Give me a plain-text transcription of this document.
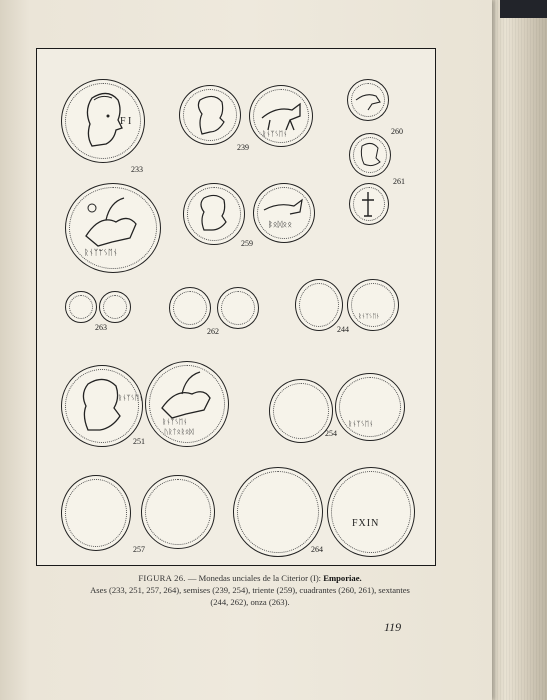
F I
ᚱᚾᛉᛘᛊᛖᚾ
233
ᚱᚾᛉᛊᛖᚾ
239
260
261
ᛔᛟᛞᛟᛟ
259
263	262
ᚱᚾᛉᛊᛖᚾ
244
ᚱᚾᛉᛊᛖᚾ
ᚱᚾᛉᛊᛖᚾ
ᚢᚱᛏᛟᚱᛟᛞ
251
ᚱᚾᛉᛊᛖᚾ
254
257
FXIN
264
FIGURA 26. — Monedas unciales de la Citerior (I): Emporiae.
Ases (233, 251, 257, 264), semises (239, 254), triente (259), cuadrantes (260, 261), sextantes
(244, 262), onza (263).
119
